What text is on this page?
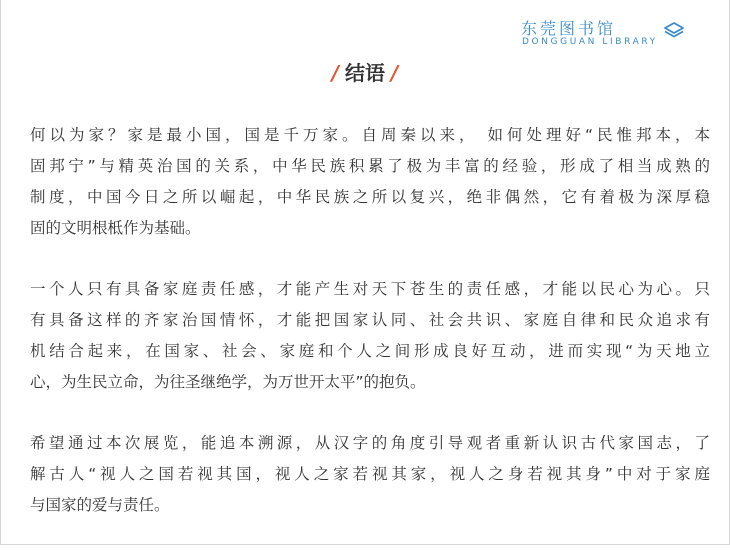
东莞图书馆
DONGGUAN LIBRARY
/ 结语 /
何以为家？家是最小国，国是千万家。自周秦以来， 如何处理好“民惟邦本，本
固邦宁”与精英治国的关系，中华民族积累了极为丰富的经验，形成了相当成熟的
制度，中国今日之所以崛起，中华民族之所以复兴，绝非偶然，它有着极为深厚稳
固的文明根柢作为基础。
一个人只有具备家庭责任感，才能产生对天下苍生的责任感，才能以民心为心。只
有具备这样的齐家治国情怀，才能把国家认同、社会共识、家庭自律和民众追求有
机结合起来，在国家、社会、家庭和个人之间形成良好互动，进而实现“为天地立
心，为生民立命，为往圣继绝学，为万世开太平”的抱负。
希望通过本次展览，能追本溯源，从汉字的角度引导观者重新认识古代家国志，了
解古人“视人之国若视其国，视人之家若视其家，视人之身若视其身”中对于家庭
与国家的爱与责任。
